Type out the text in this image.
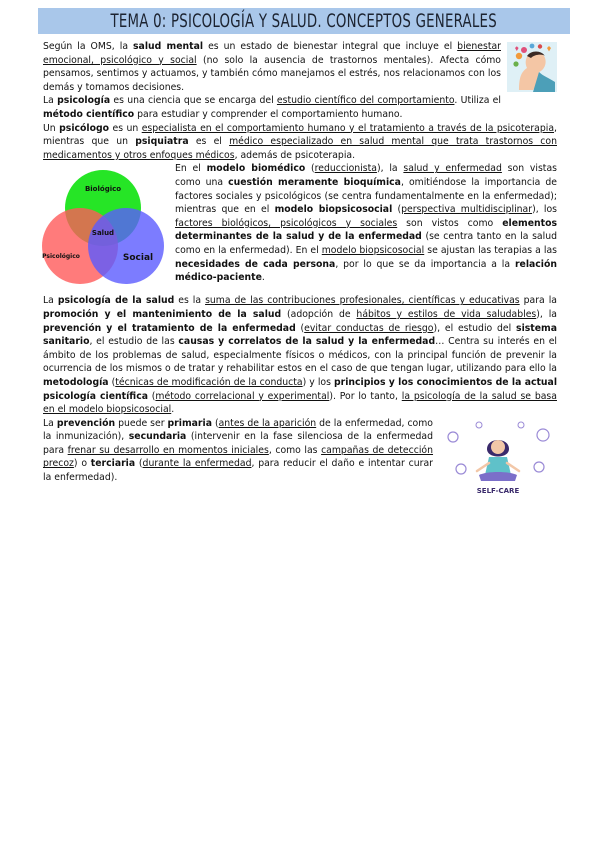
TEMA 0: PSICOLOGÍA Y SALUD. CONCEPTOS GENERALES

Según la OMS, la salud mental es un estado de bienestar integral que incluye el bienestar emocional, psicológico y social (no solo la ausencia de trastornos mentales). Afecta cómo pensamos, sentimos y actuamos, y también cómo manejamos el estrés, nos relacionamos con los demás y tomamos decisiones.

La psicología es una ciencia que se encarga del estudio científico del comportamiento. Utiliza el método científico para estudiar y comprender el comportamiento humano.

Un psicólogo es un especialista en el comportamiento humano y el tratamiento a través de la psicoterapia, mientras que un psiquiatra es el médico especializado en salud mental que trata trastornos con medicamentos y otros enfoques médicos, además de psicoterapia.

Biológico
Psicológico	Social
Salud

En el modelo biomédico (reduccionista), la salud y enfermedad son vistas como una cuestión meramente bioquímica, omitiéndose la importancia de factores sociales y psicológicos (se centra fundamentalmente en la enfermedad); mientras que en el modelo biopsicosocial (perspectiva multidisciplinar), los factores biológicos, psicológicos y sociales son vistos como elementos determinantes de la salud y de la enfermedad (se centra tanto en la salud como en la enfermedad). En el modelo biopsicosocial se ajustan las terapias a las necesidades de cada persona, por lo que se da importancia a la relación médico-paciente.

La psicología de la salud es la suma de las contribuciones profesionales, científicas y educativas para la promoción y el mantenimiento de la salud (adopción de hábitos y estilos de vida saludables), la prevención y el tratamiento de la enfermedad (evitar conductas de riesgo), el estudio del sistema sanitario, el estudio de las causas y correlatos de la salud y la enfermedad… Centra su interés en el ámbito de los problemas de salud, especialmente físicos o médicos, con la principal función de prevenir la ocurrencia de los mismos o de tratar y rehabilitar estos en el caso de que tengan lugar, utilizando para ello la metodología (técnicas de modificación de la conducta) y los principios y los conocimientos de la actual psicología científica (método correlacional y experimental). Por lo tanto, la psicología de la salud se basa en el modelo biopsicosocial.

SELF-CARE

La prevención puede ser primaria (antes de la aparición de la enfermedad, como la inmunización), secundaria (intervenir en la fase silenciosa de la enfermedad para frenar su desarrollo en momentos iniciales, como las campañas de detección precoz) o terciaria (durante la enfermedad, para reducir el daño e intentar curar la enfermedad).
